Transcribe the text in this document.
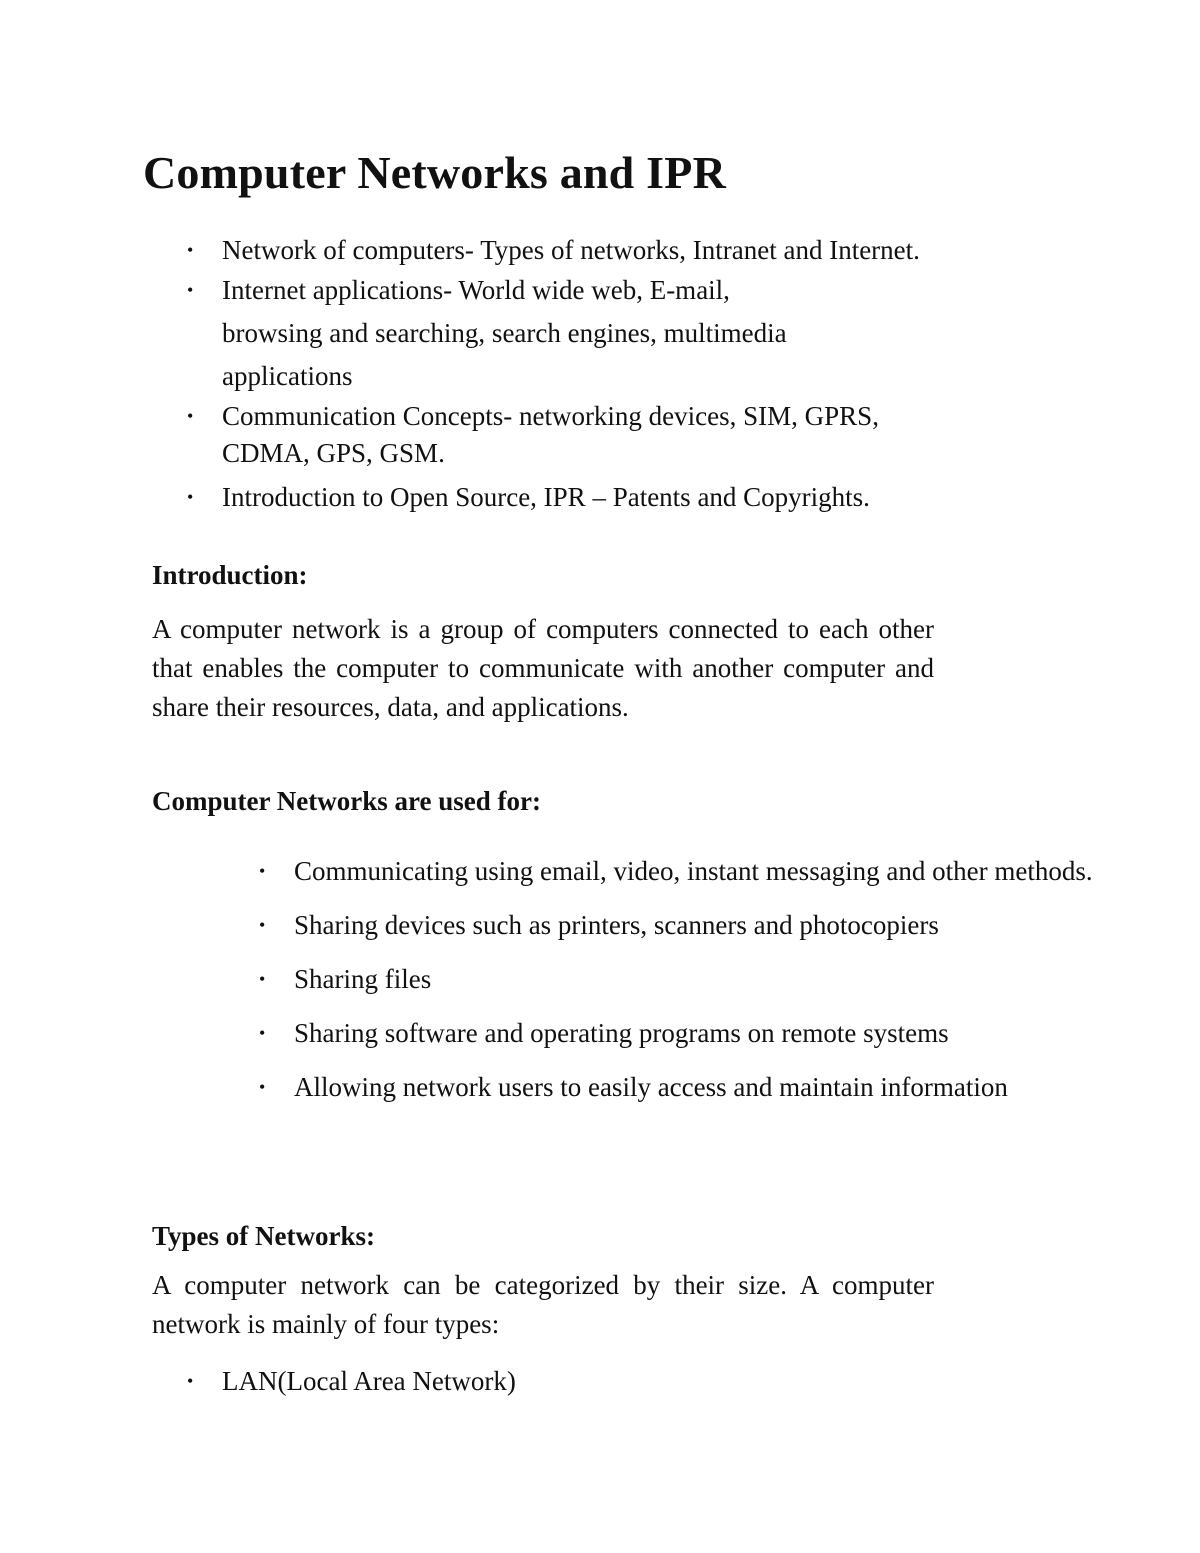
Computer Networks and IPR
• Network of computers- Types of networks, Intranet and Internet.
• Internet applications- World wide web, E-mail,
browsing and searching, search engines, multimedia
applications
• Communication Concepts- networking devices, SIM, GPRS,
CDMA, GPS, GSM.
• Introduction to Open Source, IPR – Patents and Copyrights.
Introduction:

A computer network is a group of computers connected to each other that enables the computer to communicate with another computer and share their resources, data, and applications.

Computer Networks are used for:
• Communicating using email, video, instant messaging and other methods.
• Sharing devices such as printers, scanners and photocopiers
• Sharing files
• Sharing software and operating programs on remote systems
• Allowing network users to easily access and maintain information
Types of Networks:

A computer network can be categorized by their size. A computer network is mainly of four types:

• LAN(Local Area Network)
